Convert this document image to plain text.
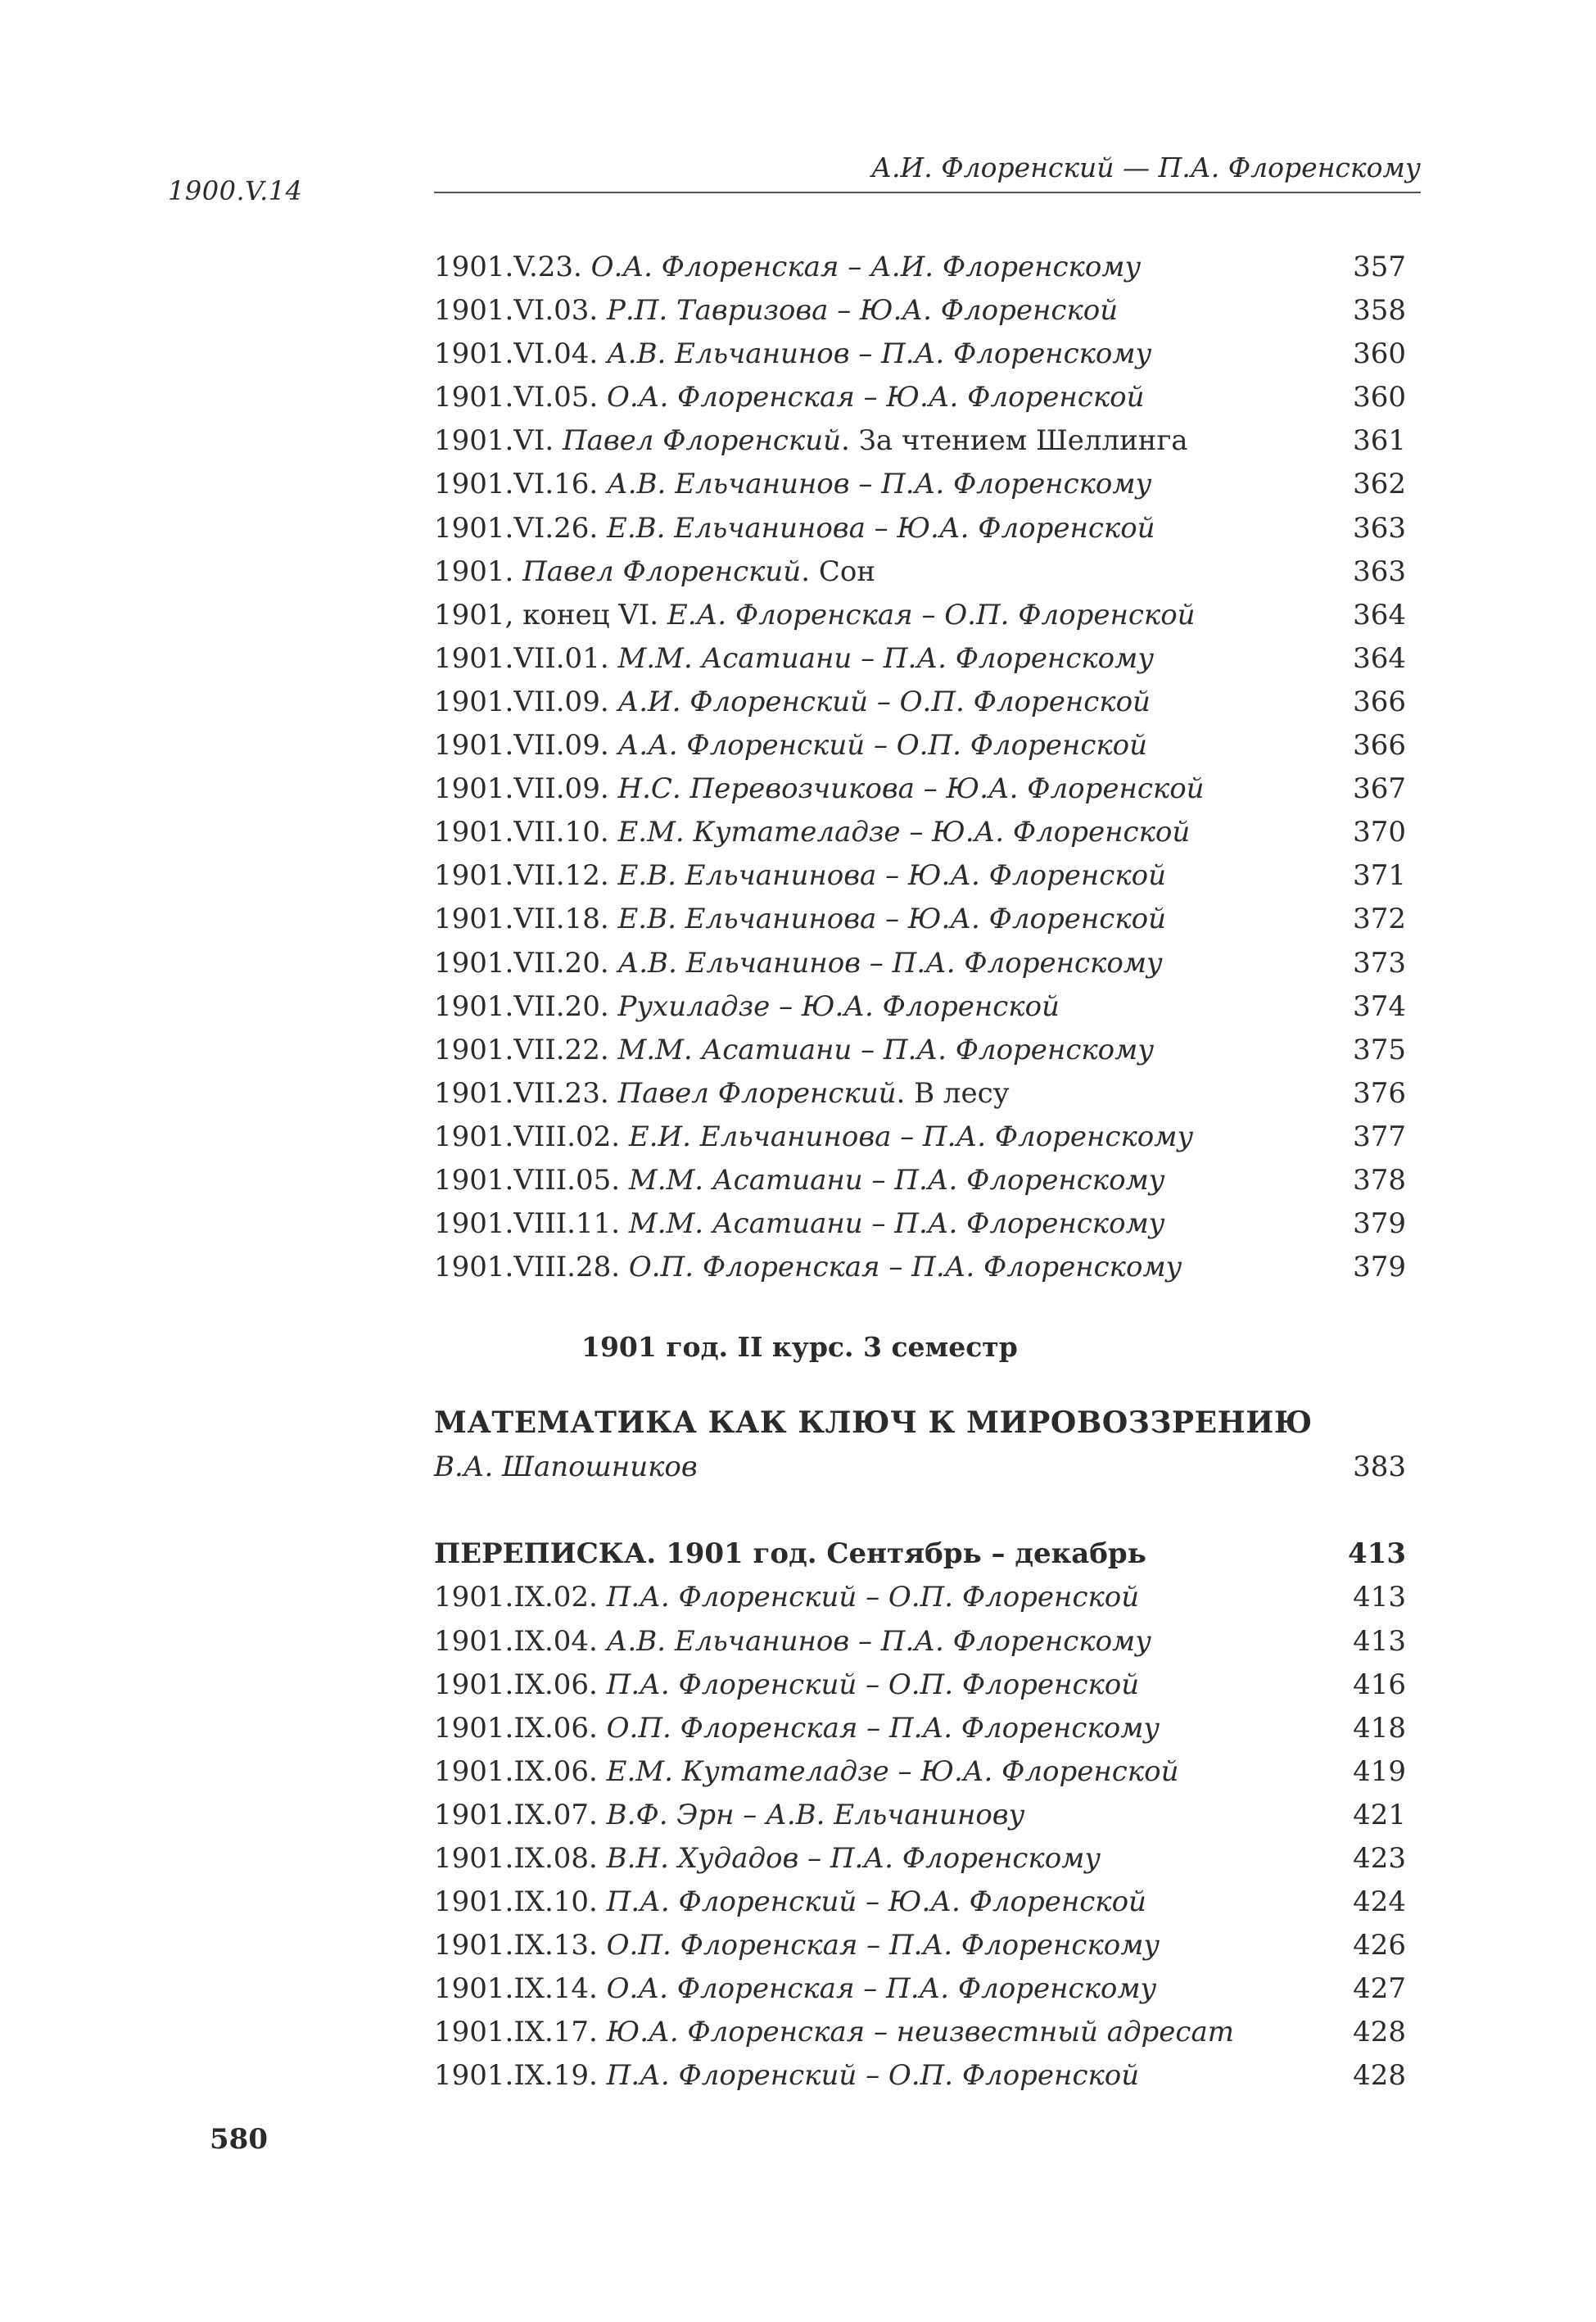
1900.V.14
А.И. Флоренский — П.А. Флоренскому
1901.V.23. О.А. Флоренская – А.И. Флоренскому	357
1901.VI.03. Р.П. Тавризова – Ю.А. Флоренской	358
1901.VI.04. А.В. Ельчанинов – П.А. Флоренскому	360
1901.VI.05. О.А. Флоренская – Ю.А. Флоренской	360
1901.VI. Павел Флоренский. За чтением Шеллинга	361
1901.VI.16. А.В. Ельчанинов – П.А. Флоренскому	362
1901.VI.26. Е.В. Ельчанинова – Ю.А. Флоренской	363
1901. Павел Флоренский. Сон	363
1901, конец VI. Е.А. Флоренская – О.П. Флоренской	364
1901.VII.01. М.М. Асатиани – П.А. Флоренскому	364
1901.VII.09. А.И. Флоренский – О.П. Флоренской	366
1901.VII.09. А.А. Флоренский – О.П. Флоренской	366
1901.VII.09. Н.С. Перевозчикова – Ю.А. Флоренской	367
1901.VII.10. Е.М. Кутателадзе – Ю.А. Флоренской	370
1901.VII.12. Е.В. Ельчанинова – Ю.А. Флоренской	371
1901.VII.18. Е.В. Ельчанинова – Ю.А. Флоренской	372
1901.VII.20. А.В. Ельчанинов – П.А. Флоренскому	373
1901.VII.20. Рухиладзе – Ю.А. Флоренской	374
1901.VII.22. М.М. Асатиани – П.А. Флоренскому	375
1901.VII.23. Павел Флоренский. В лесу	376
1901.VIII.02. Е.И. Ельчанинова – П.А. Флоренскому	377
1901.VIII.05. М.М. Асатиани – П.А. Флоренскому	378
1901.VIII.11. М.М. Асатиани – П.А. Флоренскому	379
1901.VIII.28. О.П. Флоренская – П.А. Флоренскому	379
1901 год. II курс. 3 семестр
МАТЕМАТИКА КАК КЛЮЧ К МИРОВОЗЗРЕНИЮ
В.А. Шапошников	383
ПЕРЕПИСКА. 1901 год. Сентябрь – декабрь	413
1901.IX.02. П.А. Флоренский – О.П. Флоренской	413
1901.IX.04. А.В. Ельчанинов – П.А. Флоренскому	413
1901.IX.06. П.А. Флоренский – О.П. Флоренской	416
1901.IX.06. О.П. Флоренская – П.А. Флоренскому	418
1901.IX.06. Е.М. Кутателадзе – Ю.А. Флоренской	419
1901.IX.07. В.Ф. Эрн – А.В. Ельчанинову	421
1901.IX.08. В.Н. Худадов – П.А. Флоренскому	423
1901.IX.10. П.А. Флоренский – Ю.А. Флоренской	424
1901.IX.13. О.П. Флоренская – П.А. Флоренскому	426
1901.IX.14. О.А. Флоренская – П.А. Флоренскому	427
1901.IX.17. Ю.А. Флоренская – неизвестный адресат	428
1901.IX.19. П.А. Флоренский – О.П. Флоренской	428
580
